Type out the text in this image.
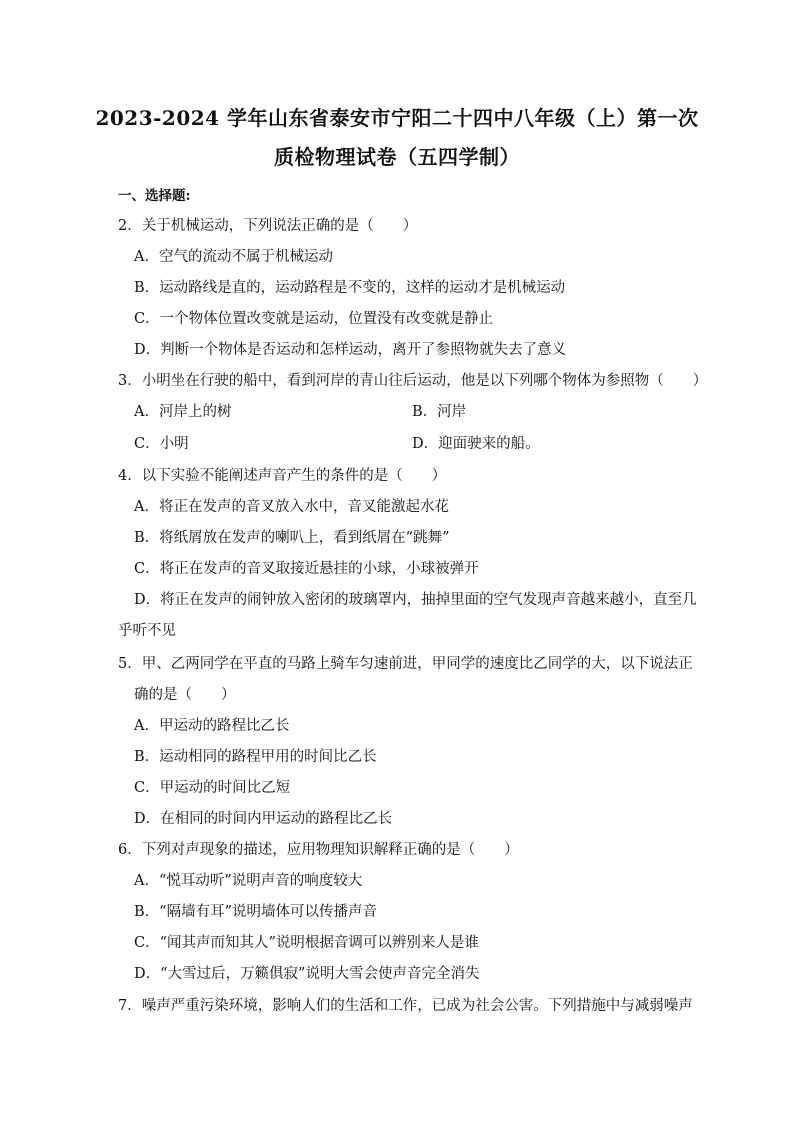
2023-2024 学年山东省泰安市宁阳二十四中八年级（上）第一次
质检物理试卷（五四学制）
一、选择题:
2．关于机械运动，下列说法正确的是（　　）
A．空气的流动不属于机械运动
B．运动路线是直的，运动路程是不变的，这样的运动才是机械运动
C．一个物体位置改变就是运动，位置没有改变就是静止
D．判断一个物体是否运动和怎样运动，离开了参照物就失去了意义
3．小明坐在行驶的船中，看到河岸的青山往后运动，他是以下列哪个物体为参照物（　　）
A．河岸上的树	B．河岸
C．小明	D．迎面驶来的船。
4．以下实验不能阐述声音产生的条件的是（　　）
A．将正在发声的音叉放入水中，音叉能激起水花
B．将纸屑放在发声的喇叭上，看到纸屑在“跳舞”
C．将正在发声的音叉取接近悬挂的小球，小球被弹开
D．将正在发声的闹钟放入密闭的玻璃罩内，抽掉里面的空气发现声音越来越小，直至几
乎听不见
5．甲、乙两同学在平直的马路上骑车匀速前进，甲同学的速度比乙同学的大，以下说法正
确的是（　　）
A．甲运动的路程比乙长
B．运动相同的路程甲用的时间比乙长
C．甲运动的时间比乙短
D．在相同的时间内甲运动的路程比乙长
6．下列对声现象的描述，应用物理知识解释正确的是（　　）
A．“悦耳动听”说明声音的响度较大
B．“隔墙有耳”说明墙体可以传播声音
C．“闻其声而知其人”说明根据音调可以辨别来人是谁
D．“大雪过后，万籁俱寂”说明大雪会使声音完全消失
7．噪声严重污染环境，影响人们的生活和工作，已成为社会公害。下列措施中与减弱噪声
